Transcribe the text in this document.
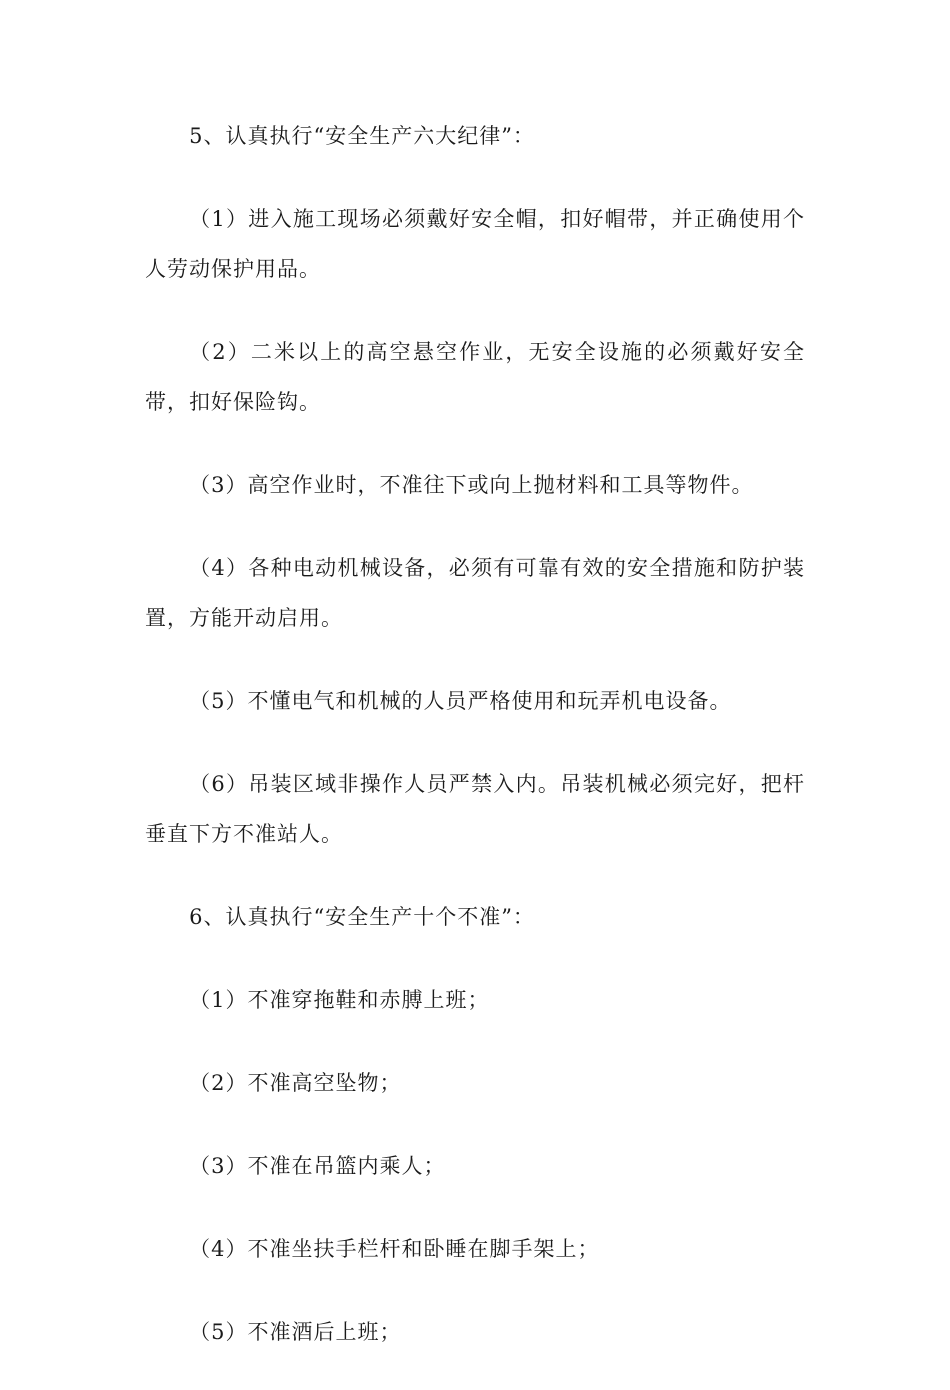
5、认真执行“安全生产六大纪律”：

（1）进入施工现场必须戴好安全帽，扣好帽带，并正确使用个人劳动保护用品。

（2）二米以上的高空悬空作业，无安全设施的必须戴好安全带，扣好保险钩。

（3）高空作业时，不准往下或向上抛材料和工具等物件。

（4）各种电动机械设备，必须有可靠有效的安全措施和防护装置，方能开动启用。

（5）不懂电气和机械的人员严格使用和玩弄机电设备。

（6）吊装区域非操作人员严禁入内。吊装机械必须完好，把杆垂直下方不准站人。

6、认真执行“安全生产十个不准”：

（1）不准穿拖鞋和赤膊上班；

（2）不准高空坠物；

（3）不准在吊篮内乘人；

（4）不准坐扶手栏杆和卧睡在脚手架上；

（5）不准酒后上班；
